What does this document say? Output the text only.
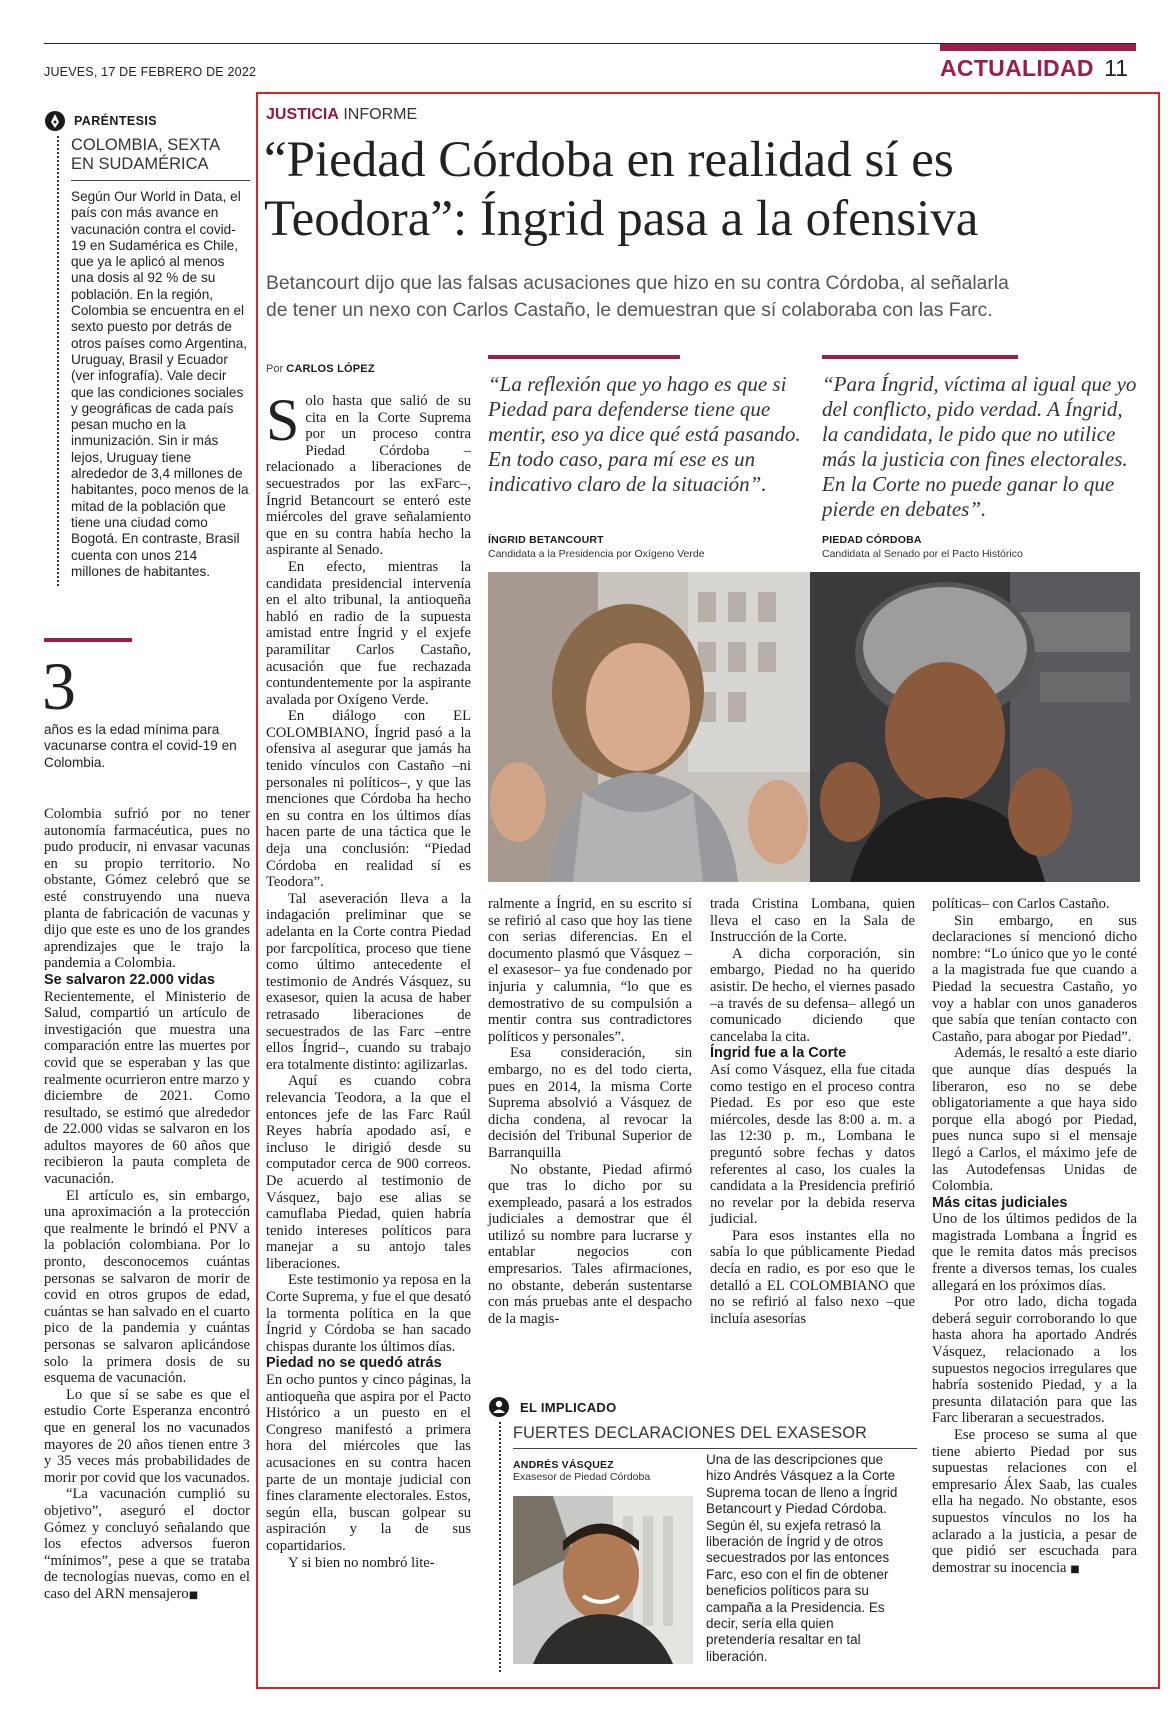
JUEVES, 17 DE FEBRERO DE 2022	ACTUALIDAD 11
PARÉNTESIS
COLOMBIA, SEXTA
EN SUDAMÉRICA
Según Our World in Data, el país con más avance en vacunación contra el covid-19 en Sudamérica es Chile, que ya le aplicó al menos una dosis al 92 % de su población. En la región, Colombia se encuentra en el sexto puesto por detrás de otros países como Argentina, Uruguay, Brasil y Ecuador (ver infografía). Vale decir que las condiciones sociales y geográficas de cada país pesan mucho en la inmunización. Sin ir más lejos, Uruguay tiene alrededor de 3,4 millones de habitantes, poco menos de la mitad de la población que tiene una ciudad como Bogotá. En contraste, Brasil cuenta con unos 214 millones de habitantes.
3
años es la edad mínima para vacunarse contra el covid-19 en Colombia.

Colombia sufrió por no tener autonomía farmacéutica, pues no pudo producir, ni envasar vacunas en su propio territorio. No obstante, Gómez celebró que se esté construyendo una nueva planta de fabricación de vacunas y dijo que este es uno de los grandes aprendizajes que le trajo la pandemia a Colombia.

Se salvaron 22.000 vidas

Recientemente, el Ministerio de Salud, compartió un artículo de investigación que muestra una comparación entre las muertes por covid que se esperaban y las que realmente ocurrieron entre marzo y diciembre de 2021. Como resultado, se estimó que alrededor de 22.000 vidas se salvaron en los adultos mayores de 60 años que recibieron la pauta completa de vacunación.

El artículo es, sin embargo, una aproximación a la protección que realmente le brindó el PNV a la población colombiana. Por lo pronto, desconocemos cuántas personas se salvaron de morir de covid en otros grupos de edad, cuántas se han salvado en el cuarto pico de la pandemia y cuántas personas se salvaron aplicándose solo la primera dosis de su esquema de vacunación.

Lo que sí se sabe es que el estudio Corte Esperanza encontró que en general los no vacunados mayores de 20 años tienen entre 3 y 35 veces más probabilidades de morir por covid que los vacunados.

“La vacunación cumplió su objetivo”, aseguró el doctor Gómez y concluyó señalando que los efectos adversos fueron “mínimos”, pese a que se trataba de tecnologías nuevas, como en el caso del ARN mensajero■

JUSTICIA INFORME
“Piedad Córdoba en realidad sí es
Teodora”: Íngrid pasa a la ofensiva
Betancourt dijo que las falsas acusaciones que hizo en su contra Córdoba, al señalarla
de tener un nexo con Carlos Castaño, le demuestran que sí colaboraba con las Farc.
Por CARLOS LÓPEZ

Solo hasta que salió de su cita en la Corte Suprema por un proceso contra Piedad Córdoba –relacionado a liberaciones de secuestrados por las exFarc–, Íngrid Betancourt se enteró este miércoles del grave señalamiento que en su contra había hecho la aspirante al Senado.

En efecto, mientras la candidata presidencial intervenía en el alto tribunal, la antioqueña habló en radio de la supuesta amistad entre Íngrid y el exjefe paramilitar Carlos Castaño, acusación que fue rechazada contundentemente por la aspirante avalada por Oxígeno Verde.

En diálogo con EL COLOMBIANO, Íngrid pasó a la ofensiva al asegurar que jamás ha tenido vínculos con Castaño –ni personales ni políticos–, y que las menciones que Córdoba ha hecho en su contra en los últimos días hacen parte de una táctica que le deja una conclusión: “Piedad Córdoba en realidad sí es Teodora”.

Tal aseveración lleva a la indagación preliminar que se adelanta en la Corte contra Piedad por farcpolítica, proceso que tiene como último antecedente el testimonio de Andrés Vásquez, su exasesor, quien la acusa de haber retrasado liberaciones de secuestrados de las Farc –entre ellos Íngrid–, cuando su trabajo era totalmente distinto: agilizarlas.

Aquí es cuando cobra relevancia Teodora, a la que el entonces jefe de las Farc Raúl Reyes habría apodado así, e incluso le dirigió desde su computador cerca de 900 correos. De acuerdo al testimonio de Vásquez, bajo ese alias se camuflaba Piedad, quien habría tenido intereses políticos para manejar a su antojo tales liberaciones.

Este testimonio ya reposa en la Corte Suprema, y fue el que desató la tormenta política en la que Íngrid y Córdoba se han sacado chispas durante los últimos días.

Piedad no se quedó atrás

En ocho puntos y cinco páginas, la antioqueña que aspira por el Pacto Histórico a un puesto en el Congreso manifestó a primera hora del miércoles que las acusaciones en su contra hacen parte de un montaje judicial con fines claramente electorales. Estos, según ella, buscan golpear su aspiración y la de sus copartidarios.

Y si bien no nombró lite-

“La reflexión que yo hago es que si Piedad para defenderse tiene que mentir, eso ya dice qué está pasando. En todo caso, para mí ese es un indicativo claro de la situación”.
ÍNGRID BETANCOURT
Candidata a la Presidencia por Oxígeno Verde
“Para Íngrid, víctima al igual que yo del conflicto, pido verdad. A Íngrid, la candidata, le pido que no utilice más la justicia con fines electorales. En la Corte no puede ganar lo que pierde en debates”.
PIEDAD CÓRDOBA
Candidata al Senado por el Pacto Histórico

ralmente a Íngrid, en su escrito sí se refirió al caso que hoy las tiene con serias diferencias. En el documento plasmó que Vásquez –el exasesor– ya fue condenado por injuria y calumnia, “lo que es demostrativo de su compulsión a mentir contra sus contradictores políticos y personales”.

Esa consideración, sin embargo, no es del todo cierta, pues en 2014, la misma Corte Suprema absolvió a Vásquez de dicha condena, al revocar la decisión del Tribunal Superior de Barranquilla

No obstante, Piedad afirmó que tras lo dicho por su exempleado, pasará a los estrados judiciales a demostrar que él utilizó su nombre para lucrarse y entablar negocios con empresarios. Tales afirmaciones, no obstante, deberán sustentarse con más pruebas ante el despacho de la magis-

trada Cristina Lombana, quien lleva el caso en la Sala de Instrucción de la Corte.

A dicha corporación, sin embargo, Piedad no ha querido asistir. De hecho, el viernes pasado –a través de su defensa– allegó un comunicado diciendo que cancelaba la cita.

Íngrid fue a la Corte

Así como Vásquez, ella fue citada como testigo en el proceso contra Piedad. Es por eso que este miércoles, desde las 8:00 a. m. a las 12:30 p. m., Lombana le preguntó sobre fechas y datos referentes al caso, los cuales la candidata a la Presidencia prefirió no revelar por la debida reserva judicial.

Para esos instantes ella no sabía lo que públicamente Piedad decía en radio, es por eso que le detalló a EL COLOMBIANO que no se refirió al falso nexo –que incluía asesorías

políticas– con Carlos Castaño.

Sin embargo, en sus declaraciones sí mencionó dicho nombre: “Lo único que yo le conté a la magistrada fue que cuando a Piedad la secuestra Castaño, yo voy a hablar con unos ganaderos que sabía que tenían contacto con Castaño, para abogar por Piedad”.

Además, le resaltó a este diario que aunque días después la liberaron, eso no se debe obligatoriamente a que haya sido porque ella abogó por Piedad, pues nunca supo si el mensaje llegó a Carlos, el máximo jefe de las Autodefensas Unidas de Colombia.

Más citas judiciales

Uno de los últimos pedidos de la magistrada Lombana a Íngrid es que le remita datos más precisos frente a diversos temas, los cuales allegará en los próximos días.

Por otro lado, dicha togada deberá seguir corroborando lo que hasta ahora ha aportado Andrés Vásquez, relacionado a los supuestos negocios irregulares que habría sostenido Piedad, y a la presunta dilatación para que las Farc liberaran a secuestrados.

Ese proceso se suma al que tiene abierto Piedad por sus supuestas relaciones con el empresario Álex Saab, las cuales ella ha negado. No obstante, esos supuestos vínculos no los ha aclarado a la justicia, a pesar de que pidió ser escuchada para demostrar su inocencia ■

EL IMPLICADO
FUERTES DECLARACIONES DEL EXASESOR
ANDRÉS VÁSQUEZ
Exasesor de Piedad Córdoba
Una de las descripciones que hizo Andrés Vásquez a la Corte Suprema tocan de lleno a Íngrid Betancourt y Piedad Córdoba. Según él, su exjefa retrasó la liberación de Íngrid y de otros secuestrados por las entonces Farc, eso con el fin de obtener beneficios políticos para su campaña a la Presidencia. Es decir, sería ella quien pretendería resaltar en tal liberación.
